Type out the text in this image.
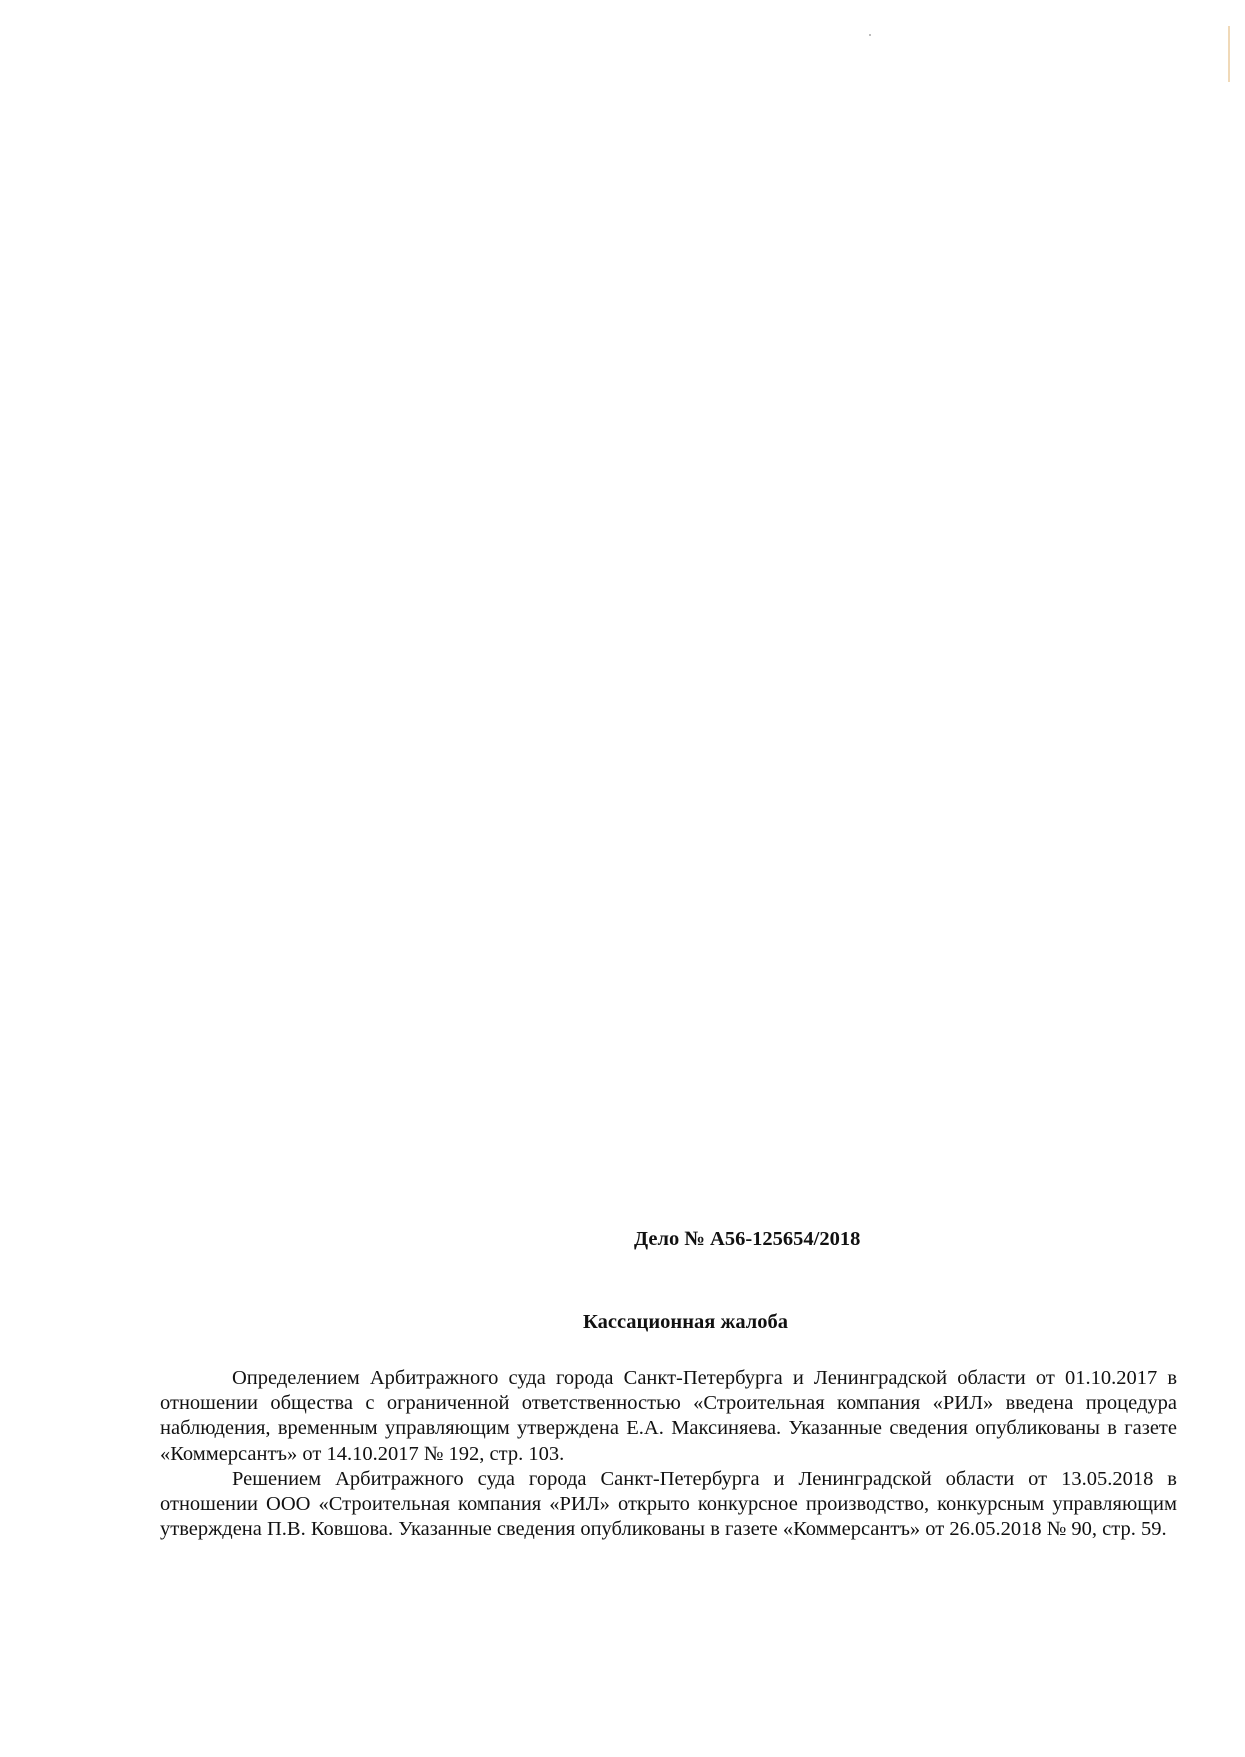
Дело № А56-125654/2018
Кассационная жалоба

Определением Арбитражного суда города Санкт-Петербурга и Ленинградской области от 01.10.2017 в отношении общества с ограниченной ответственностью «Строительная компания «РИЛ» введена процедура наблюдения, временным управляющим утверждена Е.А. Максиняева. Указанные сведения опубликованы в газете «Коммерсантъ» от 14.10.2017 № 192, стр. 103.

Решением Арбитражного суда города Санкт-Петербурга и Ленинградской области от 13.05.2018 в отношении ООО «Строительная компания «РИЛ» открыто конкурсное производство, конкурсным управляющим утверждена П.В. Ковшова. Указанные сведения опубликованы в газете «Коммерсантъ» от 26.05.2018 № 90, стр. 59.
